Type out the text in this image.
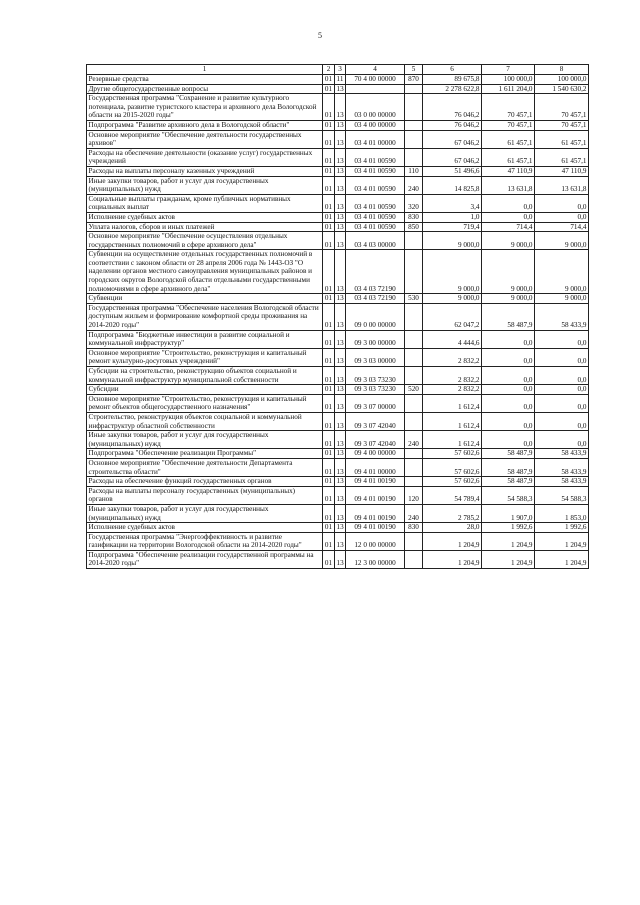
5
1	2	3	4	5	6	7	8
Резервные средства	01	11	70 4 00 00000	870	89 675,8	100 000,0	100 000,0
Другие общегосударственные вопросы	01	13			2 278 622,8	1 611 204,0	1 540 630,2
Государственная программа "Сохранение и развитие культурного потенциала, развитие туристского кластера и архивного дела Вологодской области на 2015-2020 годы"	01	13	03 0 00 00000		76 046,2	70 457,1	70 457,1
Подпрограмма "Развитие архивного дела в Вологодской области"	01	13	03 4 00 00000		76 046,2	70 457,1	70 457,1
Основное мероприятие "Обеспечение деятельности государственных архивов"	01	13	03 4 01 00000		67 046,2	61 457,1	61 457,1
Расходы на обеспечение деятельности (оказание услуг) государственных учреждений	01	13	03 4 01 00590		67 046,2	61 457,1	61 457,1
Расходы на выплаты персоналу казенных учреждений	01	13	03 4 01 00590	110	51 496,6	47 110,9	47 110,9
Иные закупки товаров, работ и услуг для государственных (муниципальных) нужд	01	13	03 4 01 00590	240	14 825,8	13 631,8	13 631,8
Социальные выплаты гражданам, кроме публичных нормативных социальных выплат	01	13	03 4 01 00590	320	3,4	0,0	0,0
Исполнение судебных актов	01	13	03 4 01 00590	830	1,0	0,0	0,0
Уплата налогов, сборов и иных платежей	01	13	03 4 01 00590	850	719,4	714,4	714,4
Основное мероприятие "Обеспечение осуществления отдельных государственных полномочий в сфере архивного дела"	01	13	03 4 03 00000		9 000,0	9 000,0	9 000,0
Субвенции на осуществление отдельных государственных полномочий в соответствии с законом области от 28 апреля 2006 года № 1443-ОЗ "О наделении органов местного самоуправления муниципальных районов и городских округов Вологодской области отдельными государственными полномочиями в сфере архивного дела"	01	13	03 4 03 72190		9 000,0	9 000,0	9 000,0
Субвенции	01	13	03 4 03 72190	530	9 000,0	9 000,0	9 000,0
Государственная программа "Обеспечение населения Вологодской области доступным жильем и формирование комфортной среды проживания на 2014-2020 годы"	01	13	09 0 00 00000		62 047,2	58 487,9	58 433,9
Подпрограмма "Бюджетные инвестиции в развитие социальной и коммунальной инфраструктур"	01	13	09 3 00 00000		4 444,6	0,0	0,0
Основное мероприятие "Строительство, реконструкция и капитальный ремонт культурно-досуговых учреждений"	01	13	09 3 03 00000		2 832,2	0,0	0,0
Субсидии на строительство, реконструкцию объектов социальной и коммунальной инфраструктур муниципальной собственности	01	13	09 3 03 73230		2 832,2	0,0	0,0
Субсидии	01	13	09 3 03 73230	520	2 832,2	0,0	0,0
Основное мероприятие "Строительство, реконструкция и капитальный ремонт объектов общегосударственного назначения"	01	13	09 3 07 00000		1 612,4	0,0	0,0
Строительство, реконструкция объектов социальной и коммунальной инфраструктур областной собственности	01	13	09 3 07 42040		1 612,4	0,0	0,0
Иные закупки товаров, работ и услуг для государственных (муниципальных) нужд	01	13	09 3 07 42040	240	1 612,4	0,0	0,0
Подпрограмма "Обеспечение реализации Программы"	01	13	09 4 00 00000		57 602,6	58 487,9	58 433,9
Основное мероприятие "Обеспечение деятельности Департамента строительства области"	01	13	09 4 01 00000		57 602,6	58 487,9	58 433,9
Расходы на обеспечение функций государственных органов	01	13	09 4 01 00190		57 602,6	58 487,9	58 433,9
Расходы на выплаты персоналу государственных (муниципальных) органов	01	13	09 4 01 00190	120	54 789,4	54 588,3	54 588,3
Иные закупки товаров, работ и услуг для государственных (муниципальных) нужд	01	13	09 4 01 00190	240	2 785,2	1 907,0	1 853,0
Исполнение судебных актов	01	13	09 4 01 00190	830	28,0	1 992,6	1 992,6
Государственная программа "Энергоэффективность и развитие газификации на территории Вологодской области на 2014-2020 годы"	01	13	12 0 00 00000		1 204,9	1 204,9	1 204,9
Подпрограмма "Обеспечение реализации государственной программы на 2014-2020 годы"	01	13	12 3 00 00000		1 204,9	1 204,9	1 204,9
